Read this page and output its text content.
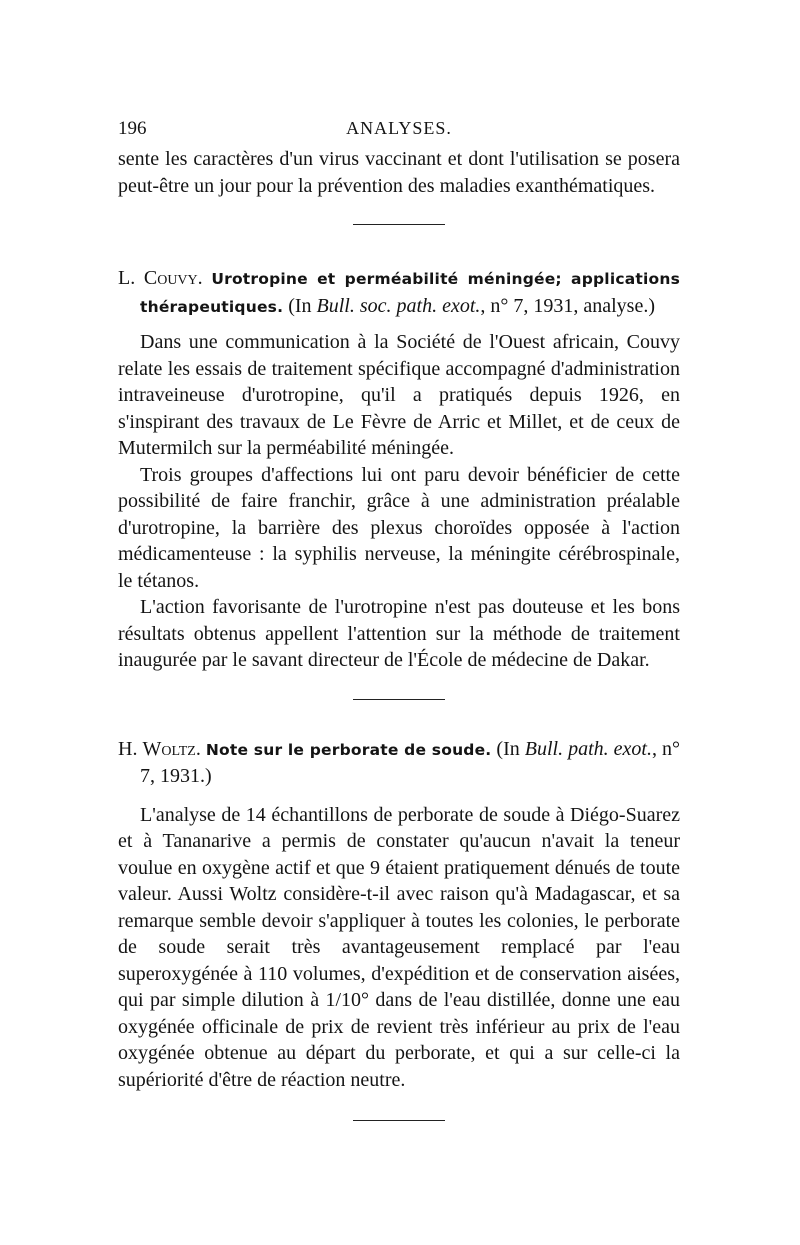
196	ANALYSES.

sente les caractères d'un virus vaccinant et dont l'utilisation se posera peut-être un jour pour la prévention des maladies exanthématiques.

L. Couvy. Urotropine et perméabilité méningée; applications thérapeutiques. (In Bull. soc. path. exot., n° 7, 1931, analyse.)

Dans une communication à la Société de l'Ouest africain, Couvy relate les essais de traitement spécifique accompagné d'administration intraveineuse d'urotropine, qu'il a pratiqués depuis 1926, en s'inspirant des travaux de Le Fèvre de Arric et Millet, et de ceux de Mutermilch sur la perméabilité méningée.

Trois groupes d'affections lui ont paru devoir bénéficier de cette possibilité de faire franchir, grâce à une administration préalable d'urotropine, la barrière des plexus choroïdes opposée à l'action médicamenteuse : la syphilis nerveuse, la méningite cérébrospinale, le tétanos.

L'action favorisante de l'urotropine n'est pas douteuse et les bons résultats obtenus appellent l'attention sur la méthode de traitement inaugurée par le savant directeur de l'École de médecine de Dakar.

H. Woltz. Note sur le perborate de soude. (In Bull. path. exot., n° 7, 1931.)

L'analyse de 14 échantillons de perborate de soude à Diégo-Suarez et à Tananarive a permis de constater qu'aucun n'avait la teneur voulue en oxygène actif et que 9 étaient pratiquement dénués de toute valeur. Aussi Woltz considère-t-il avec raison qu'à Madagascar, et sa remarque semble devoir s'appliquer à toutes les colonies, le perborate de soude serait très avantageusement remplacé par l'eau superoxygénée à 110 volumes, d'expédition et de conservation aisées, qui par simple dilution à 1/10° dans de l'eau distillée, donne une eau oxygénée officinale de prix de revient très inférieur au prix de l'eau oxygénée obtenue au départ du perborate, et qui a sur celle-ci la supériorité d'être de réaction neutre.
